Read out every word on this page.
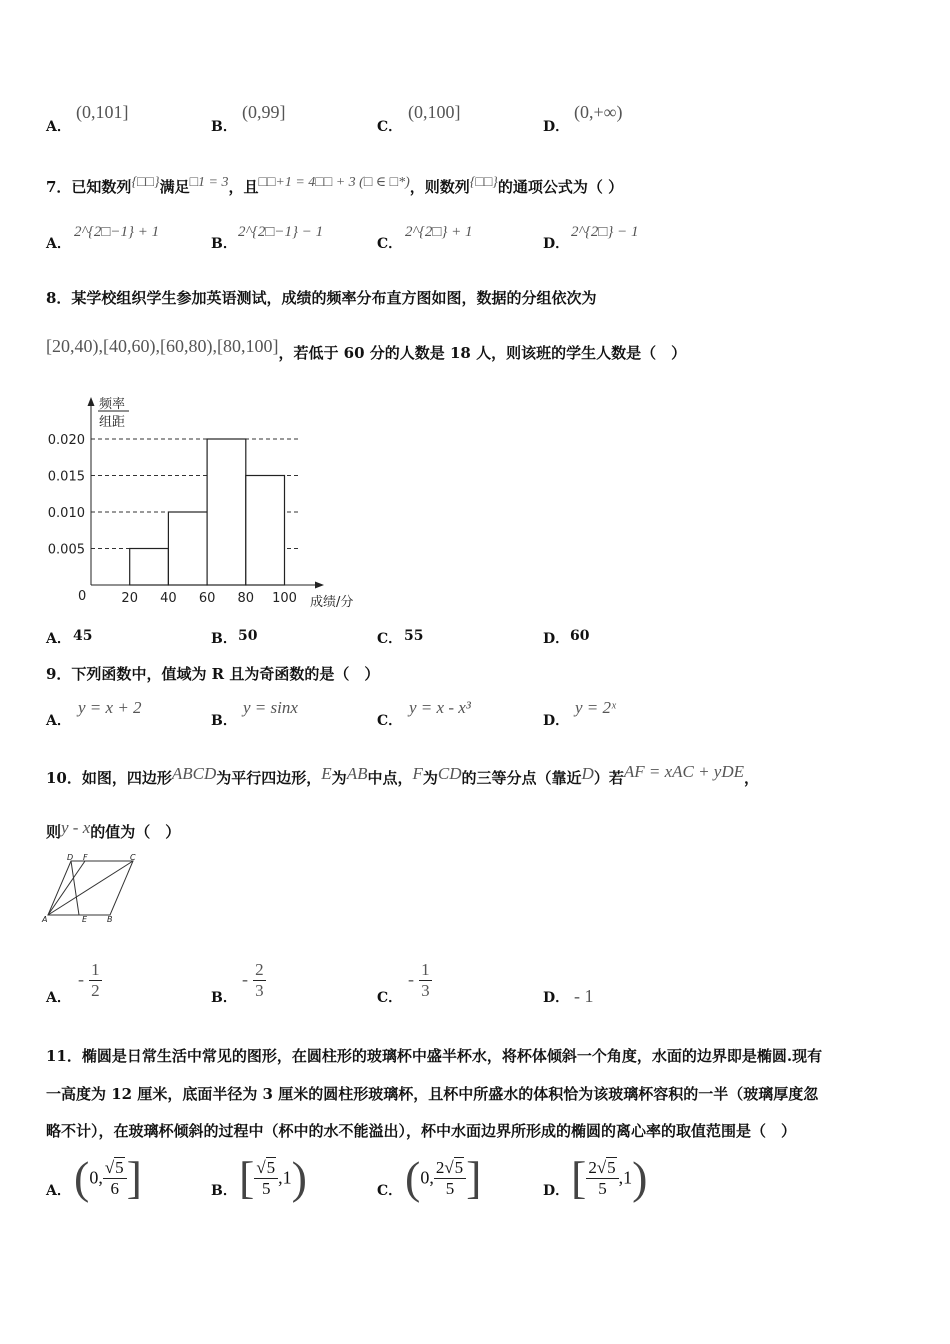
A．
(0,101]
B．
(0,99]
C．
(0,100]
D．
(0,+∞)
7．已知数列{□□}满足□1 = 3，且□□+1 = 4□□ + 3 (□ ∈ □*)，则数列{□□}的通项公式为（ ）
A．
2^{2□−1} + 1
B．
2^{2□−1} − 1
C．
2^{2□} + 1
D．
2^{2□} − 1
8．某学校组织学生参加英语测试，成绩的频率分布直方图如图，数据的分组依次为
[20,40),[40,60),[60,80),[80,100]，若低于 60 分的人数是 18 人，则该班的学生人数是（　）
0.005
0.010
0.015
0.020
20 40 60 80 100
频率
组距
0	成绩/分
A． 45	B． 50	C． 55	D． 60
9．下列函数中，值域为 R 且为奇函数的是（　）
A．
y = x + 2
B．
y = sinx
C．
y = x - x³
D．
y = 2ˣ
10．如图，四边形ABCD为平行四边形，E为AB中点，F为CD的三等分点（靠近D）若AF = xAC + yDE，
则y - x的值为（　）
A	B
C
D
E
F
A．
- $\frac{1}{2}$	B．
- $\frac{2}{3}$	C．
- $\frac{1}{3}$	D． - 1
11．椭圆是日常生活中常见的图形，在圆柱形的玻璃杯中盛半杯水，将杯体倾斜一个角度，水面的边界即是椭圆.现有
一高度为 12 厘米，底面半径为 3 厘米的圆柱形玻璃杯，且杯中所盛水的体积恰为该玻璃杯容积的一半（玻璃厚度忽
略不计），在玻璃杯倾斜的过程中（杯中的水不能溢出），杯中水面边界所形成的椭圆的离心率的取值范围是（　）
A． (0, $\frac{√5}{6}$ ]	B． [ $\frac{√5}{5} ,1$)	C． (0, $\frac{2√5}{5}$ ]	D． [ $\frac{2√5}{5} ,1$)
